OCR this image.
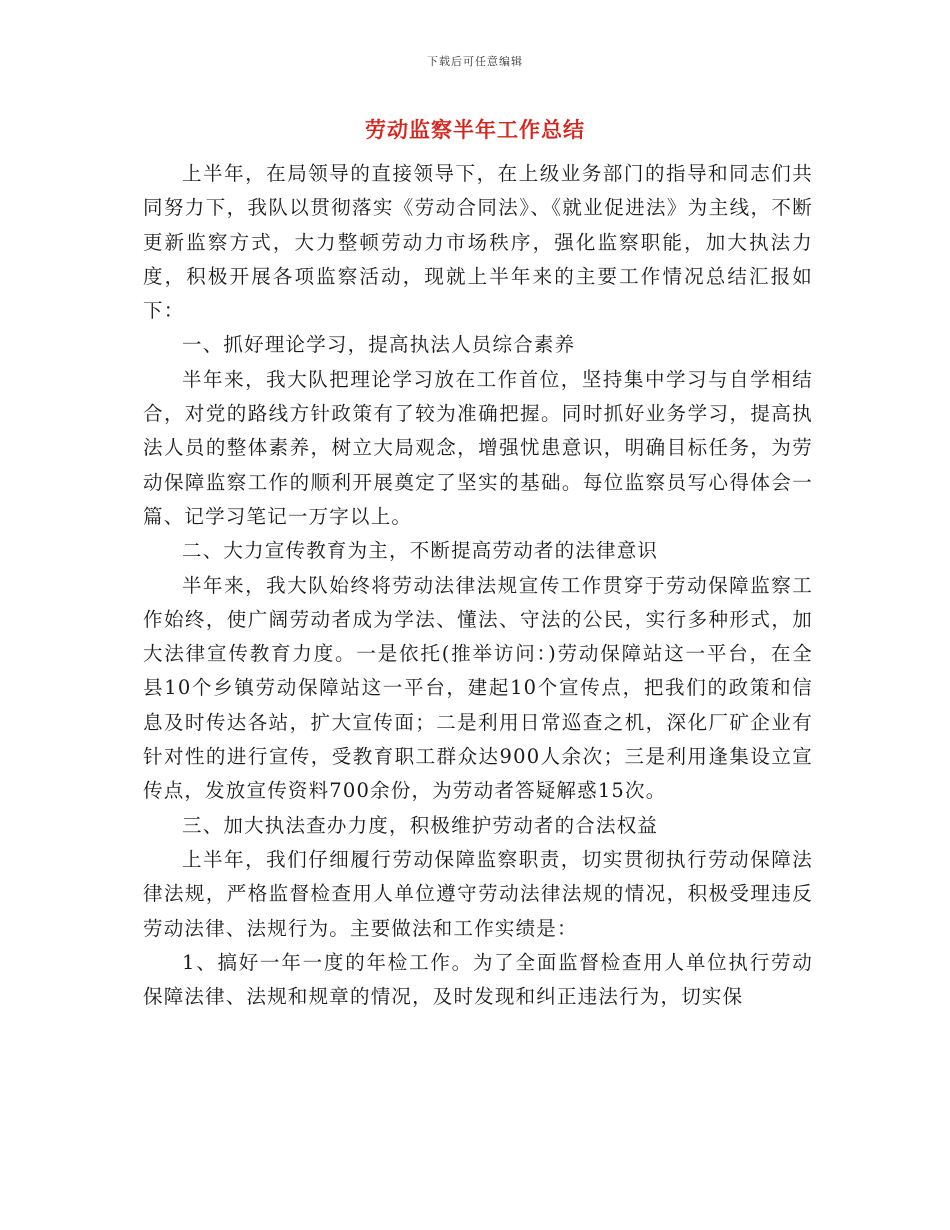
下载后可任意编辑
劳动监察半年工作总结

上半年，在局领导的直接领导下，在上级业务部门的指导和同志们共同努力下，我队以贯彻落实《劳动合同法》、《就业促进法》为主线，不断更新监察方式，大力整顿劳动力市场秩序，强化监察职能，加大执法力度，积极开展各项监察活动，现就上半年来的主要工作情况总结汇报如下：

一、抓好理论学习，提高执法人员综合素养

半年来，我大队把理论学习放在工作首位，坚持集中学习与自学相结合，对党的路线方针政策有了较为准确把握。同时抓好业务学习，提高执法人员的整体素养，树立大局观念，增强忧患意识，明确目标任务，为劳动保障监察工作的顺利开展奠定了坚实的基础。每位监察员写心得体会一篇、记学习笔记一万字以上。

二、大力宣传教育为主，不断提高劳动者的法律意识

半年来，我大队始终将劳动法律法规宣传工作贯穿于劳动保障监察工作始终，使广阔劳动者成为学法、懂法、守法的公民，实行多种形式，加大法律宣传教育力度。一是依托(推举访问：)劳动保障站这一平台，在全县10个乡镇劳动保障站这一平台，建起10个宣传点，把我们的政策和信息及时传达各站，扩大宣传面；二是利用日常巡查之机，深化厂矿企业有针对性的进行宣传，受教育职工群众达900人余次；三是利用逢集设立宣传点，发放宣传资料700余份，为劳动者答疑解惑15次。

三、加大执法查办力度，积极维护劳动者的合法权益

上半年，我们仔细履行劳动保障监察职责，切实贯彻执行劳动保障法律法规，严格监督检查用人单位遵守劳动法律法规的情况，积极受理违反劳动法律、法规行为。主要做法和工作实绩是：

1、搞好一年一度的年检工作。为了全面监督检查用人单位执行劳动保障法律、法规和规章的情况，及时发现和纠正违法行为，切实保
